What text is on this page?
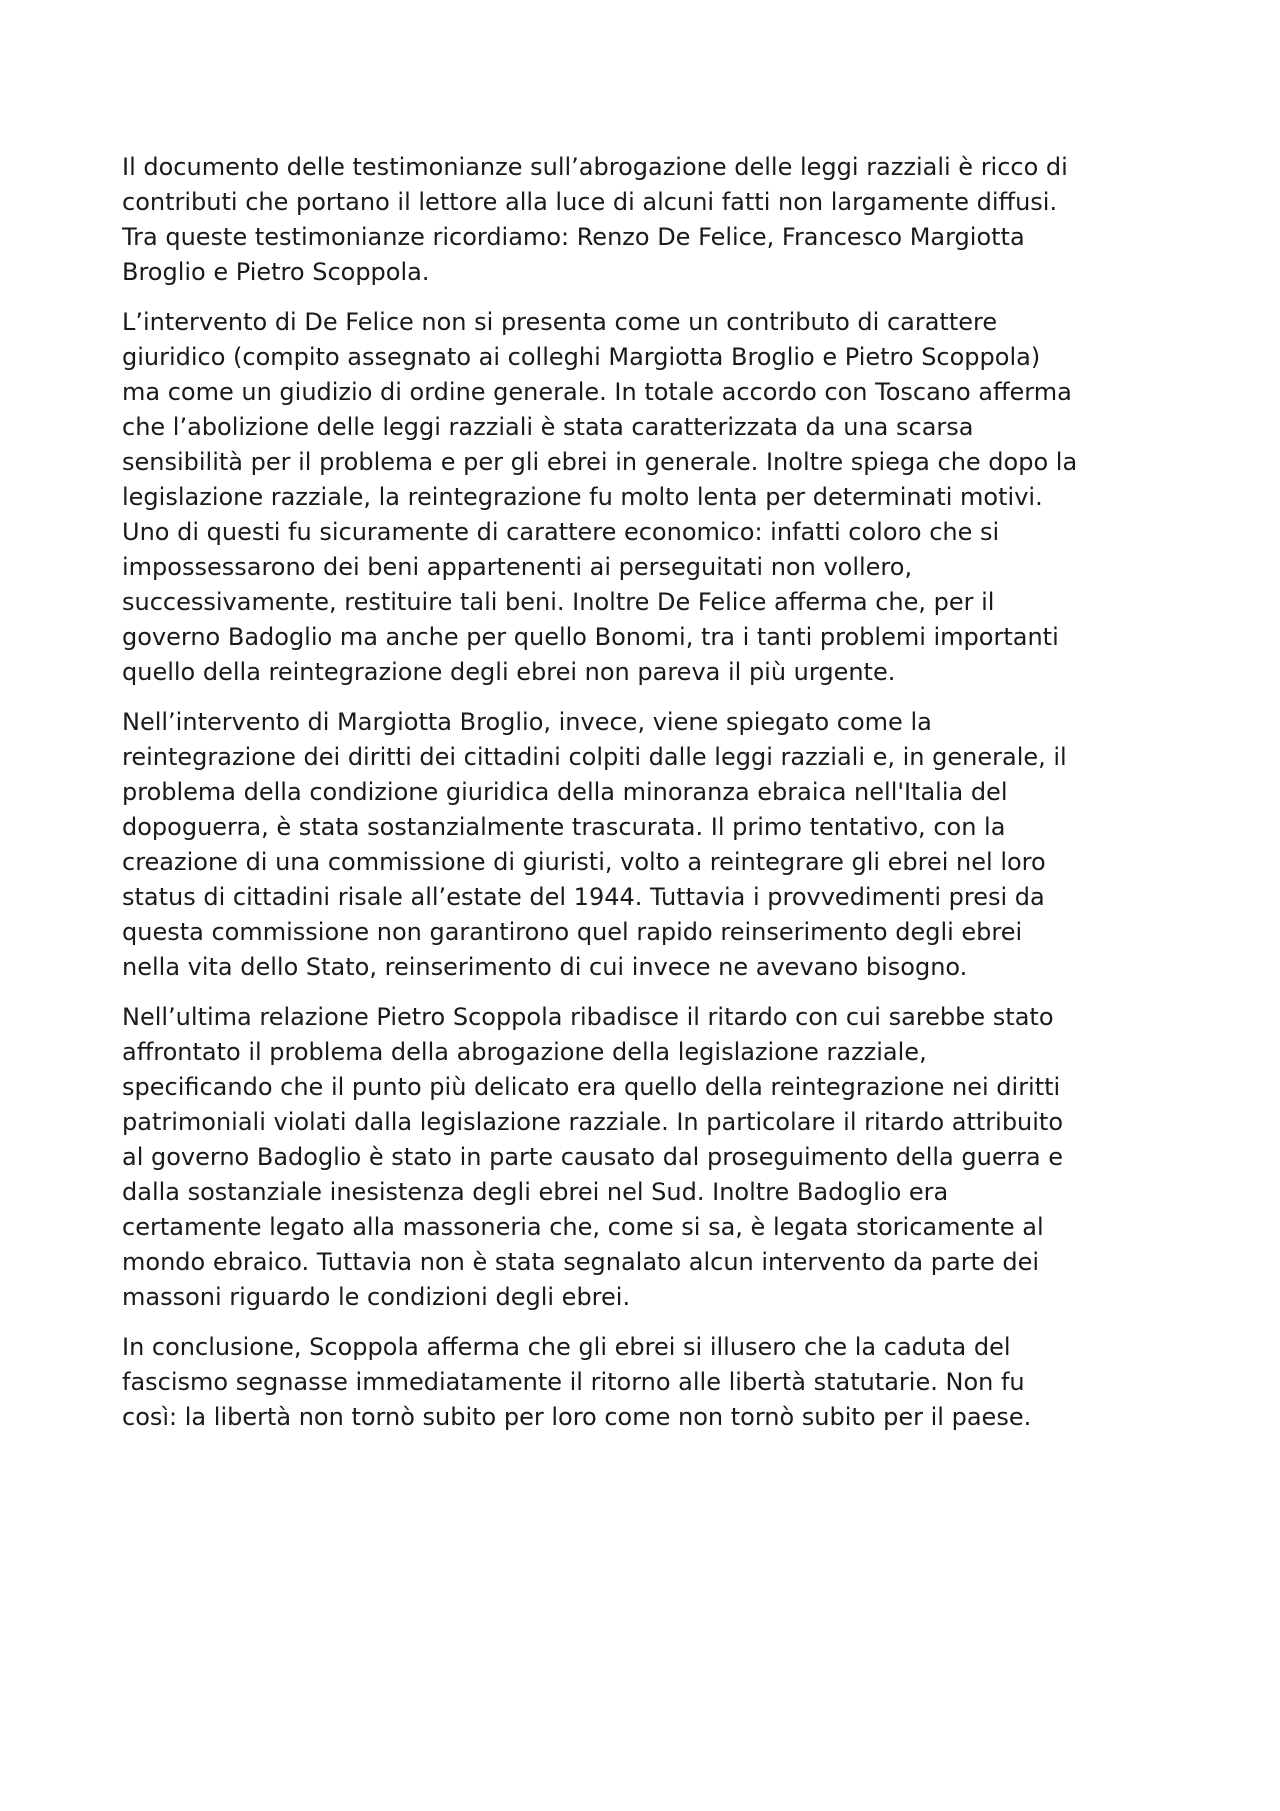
Il documento delle testimonianze sull’abrogazione delle leggi razziali è ricco di
contributi che portano il lettore alla luce di alcuni fatti non largamente diffusi.
Tra queste testimonianze ricordiamo: Renzo De Felice, Francesco Margiotta
Broglio e Pietro Scoppola.

L’intervento di De Felice non si presenta come un contributo di carattere
giuridico (compito assegnato ai colleghi Margiotta Broglio e Pietro Scoppola)
ma come un giudizio di ordine generale. In totale accordo con Toscano afferma
che l’abolizione delle leggi razziali è stata caratterizzata da una scarsa
sensibilità per il problema e per gli ebrei in generale. Inoltre spiega che dopo la
legislazione razziale, la reintegrazione fu molto lenta per determinati motivi.
Uno di questi fu sicuramente di carattere economico: infatti coloro che si
impossessarono dei beni appartenenti ai perseguitati non vollero,
successivamente, restituire tali beni. Inoltre De Felice afferma che, per il
governo Badoglio ma anche per quello Bonomi, tra i tanti problemi importanti
quello della reintegrazione degli ebrei non pareva il più urgente.

Nell’intervento di Margiotta Broglio, invece, viene spiegato come la
reintegrazione dei diritti dei cittadini colpiti dalle leggi razziali e, in generale, il
problema della condizione giuridica della minoranza ebraica nell'Italia del
dopoguerra, è stata sostanzialmente trascurata. Il primo tentativo, con la
creazione di una commissione di giuristi, volto a reintegrare gli ebrei nel loro
status di cittadini risale all’estate del 1944. Tuttavia i provvedimenti presi da
questa commissione non garantirono quel rapido reinserimento degli ebrei
nella vita dello Stato, reinserimento di cui invece ne avevano bisogno.

Nell’ultima relazione Pietro Scoppola ribadisce il ritardo con cui sarebbe stato
affrontato il problema della abrogazione della legislazione razziale,
specificando che il punto più delicato era quello della reintegrazione nei diritti
patrimoniali violati dalla legislazione razziale. In particolare il ritardo attribuito
al governo Badoglio è stato in parte causato dal proseguimento della guerra e
dalla sostanziale inesistenza degli ebrei nel Sud. Inoltre Badoglio era
certamente legato alla massoneria che, come si sa, è legata storicamente al
mondo ebraico. Tuttavia non è stata segnalato alcun intervento da parte dei
massoni riguardo le condizioni degli ebrei.

In conclusione, Scoppola afferma che gli ebrei si illusero che la caduta del
fascismo segnasse immediatamente il ritorno alle libertà statutarie. Non fu
così: la libertà non tornò subito per loro come non tornò subito per il paese.
